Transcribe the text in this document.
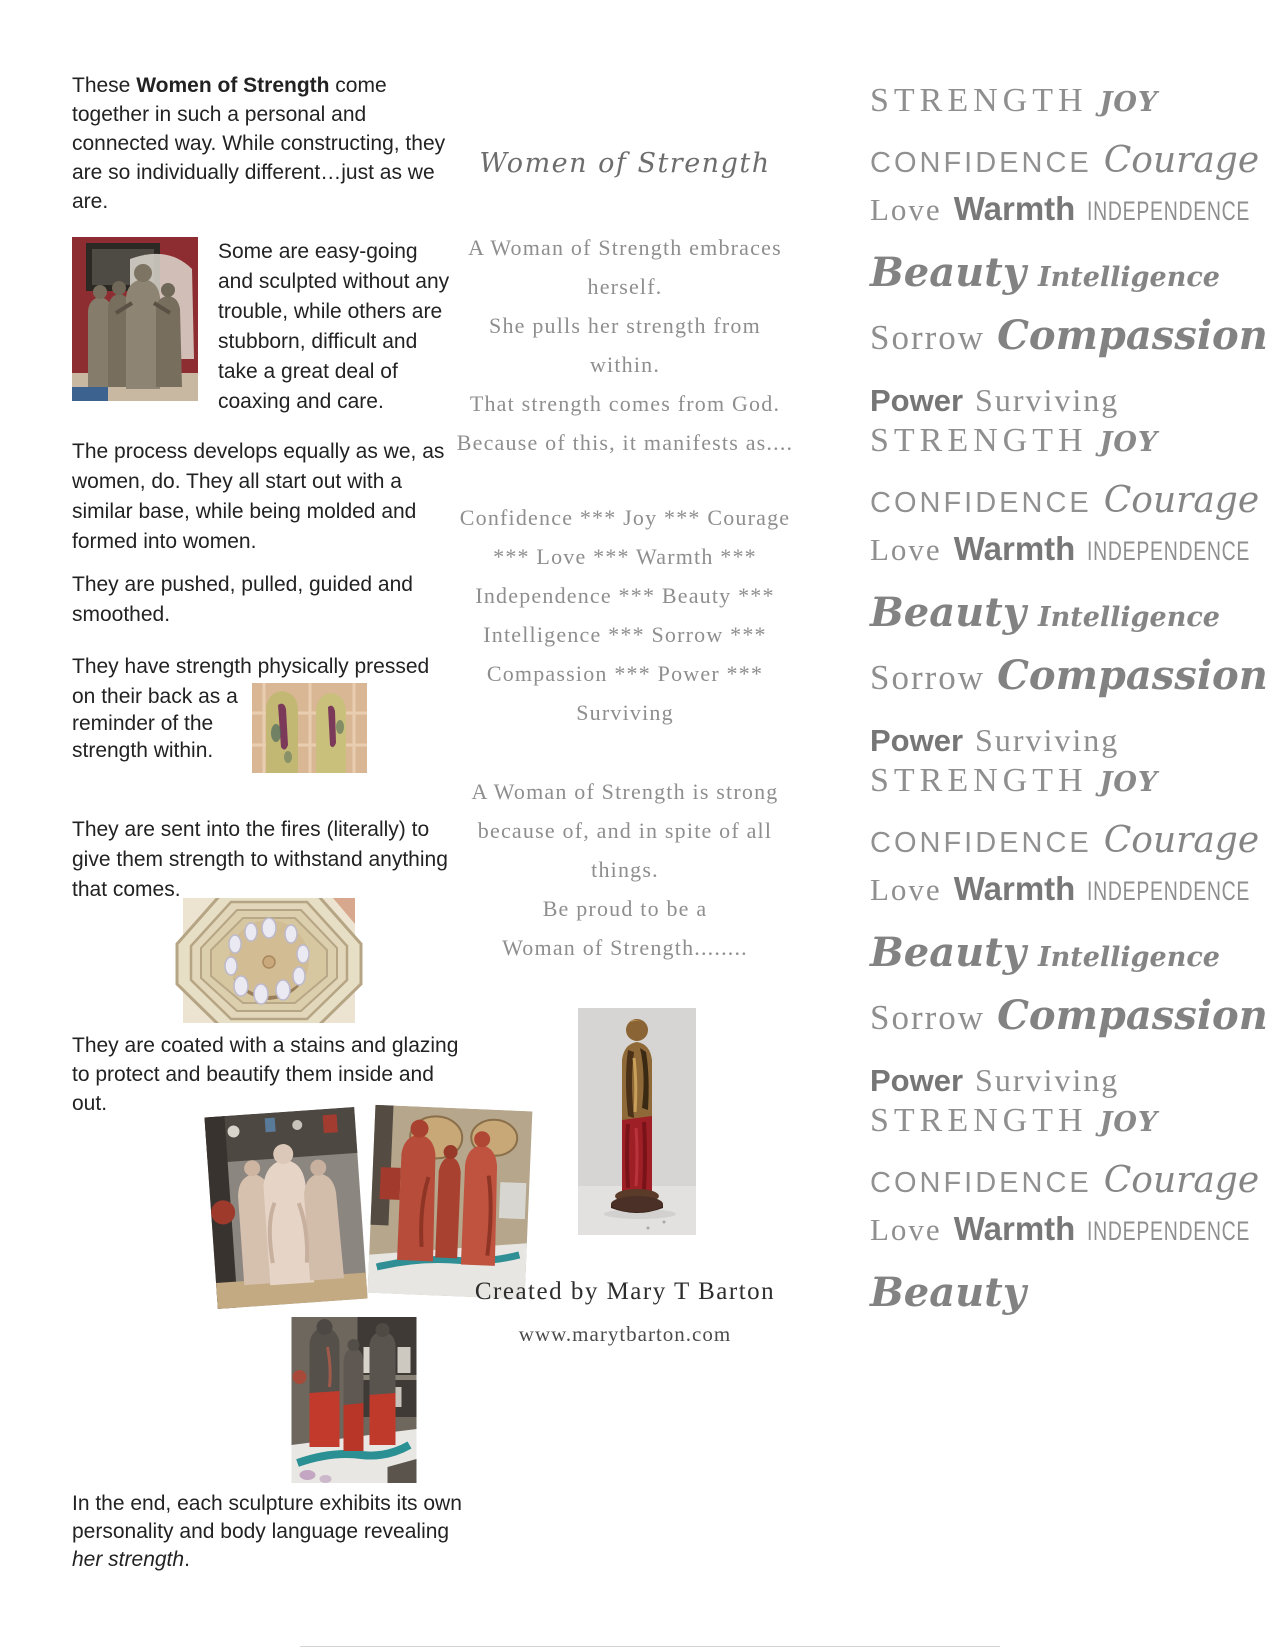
These Women of Strength come together in such a personal and connected way. While constructing, they are so individually different…just as we are.

Some are easy-going and sculpted without any trouble, while others are stubborn, difficult and take a great deal of coaxing and care.

The process develops equally as we, as women, do. They all start out with a similar base, while being molded and formed into women.

They are pushed, pulled, guided and smoothed.

They have strength physically pressed

on their back as a reminder of the strength within.

They are sent into the fires (literally) to give them strength to withstand anything that comes.

They are coated with a stains and glazing to protect and beautify them inside and out.

In the end, each sculpture exhibits its own personality and body language revealing her strength.

Women of Strength
A Woman of Strength embraces herself.
She pulls her strength from within.
That strength comes from God.
Because of this, it manifests as....
Confidence *** Joy *** Courage *** Love *** Warmth *** Independence *** Beauty *** Intelligence *** Sorrow *** Compassion *** Power *** Surviving
A Woman of Strength is strong because of, and in spite of all things.
Be proud to be a
Woman of Strength........
Created by Mary T Barton
www.marytbarton.com
STRENGTH JOY
CONFIDENCE Courage
Love Warmth INDEPENDENCE
Beauty Intelligence
Sorrow Compassion
Power Surviving
STRENGTH JOY
CONFIDENCE Courage
Love Warmth INDEPENDENCE
Beauty Intelligence
Sorrow Compassion
Power Surviving
STRENGTH JOY
CONFIDENCE Courage
Love Warmth INDEPENDENCE
Beauty Intelligence
Sorrow Compassion
Power Surviving
STRENGTH JOY
CONFIDENCE Courage
Love Warmth INDEPENDENCE
Beauty
